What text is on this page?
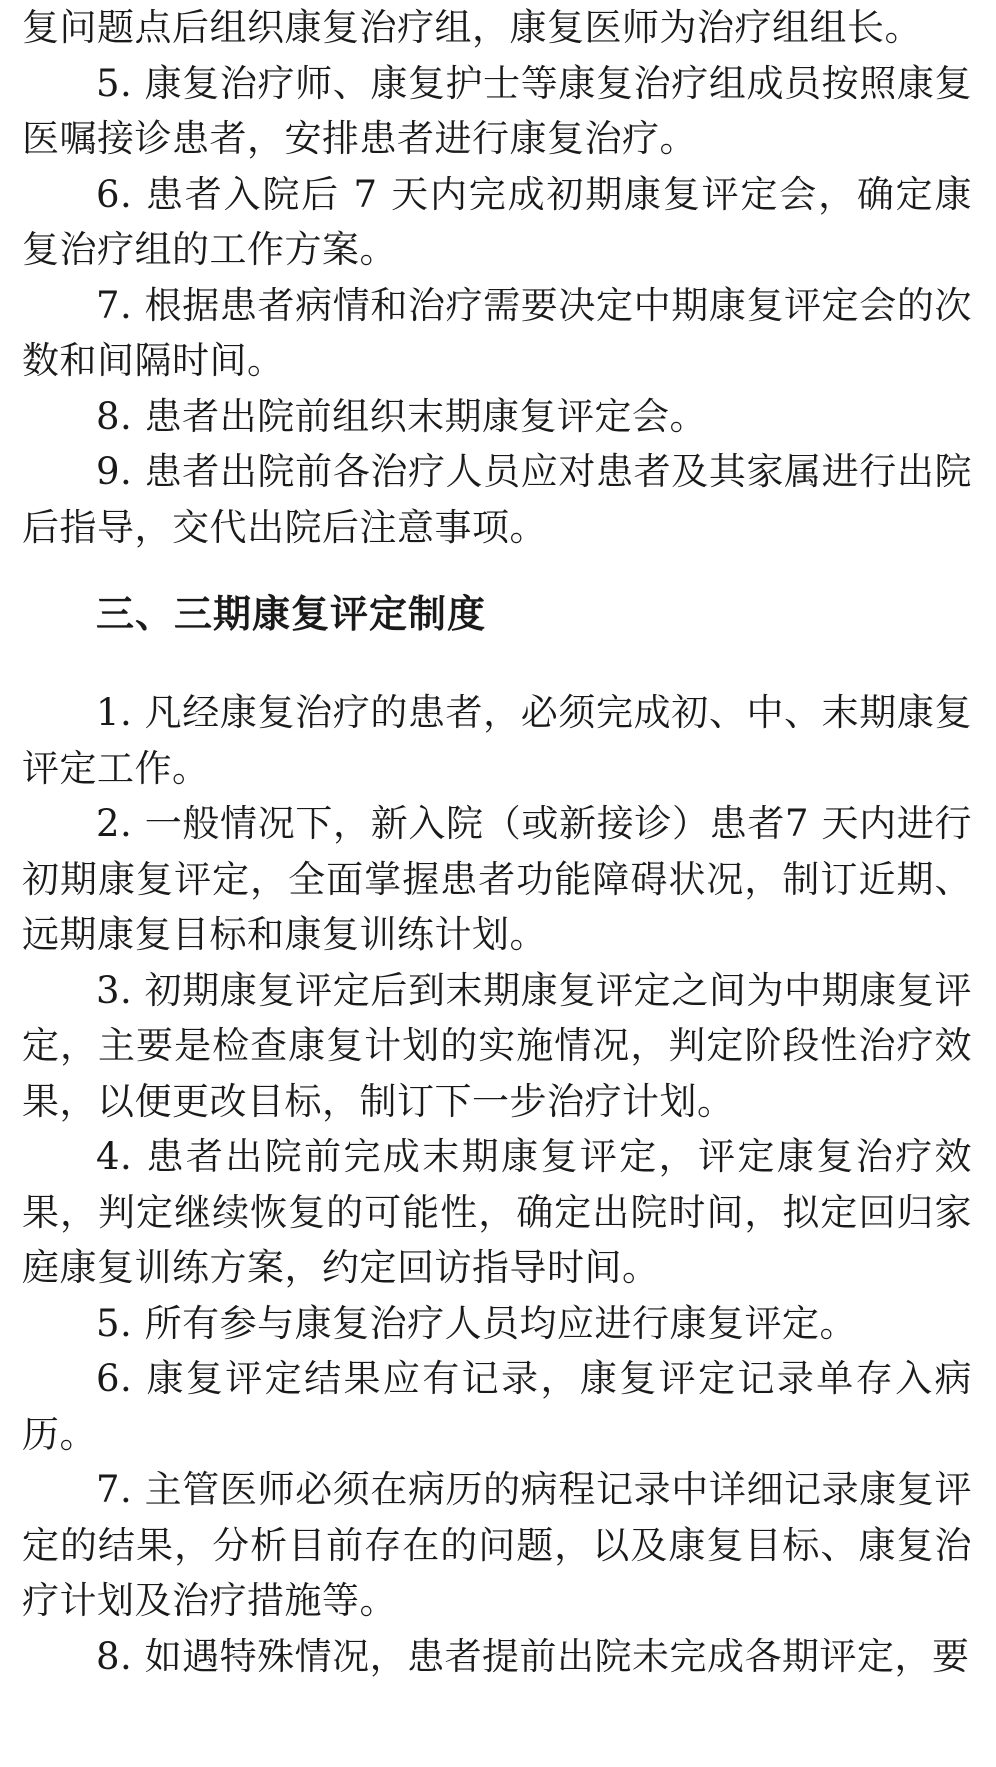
复问题点后组织康复治疗组，康复医师为治疗组组长。

5. 康复治疗师、康复护士等康复治疗组成员按照康复医嘱接诊患者，安排患者进行康复治疗。

6. 患者入院后 7 天内完成初期康复评定会，确定康复治疗组的工作方案。

7. 根据患者病情和治疗需要决定中期康复评定会的次数和间隔时间。

8. 患者出院前组织末期康复评定会。

9. 患者出院前各治疗人员应对患者及其家属进行出院后指导，交代出院后注意事项。

三、三期康复评定制度

1. 凡经康复治疗的患者，必须完成初、中、末期康复评定工作。

2. 一般情况下，新入院（或新接诊）患者7 天内进行初期康复评定，全面掌握患者功能障碍状况，制订近期、远期康复目标和康复训练计划。

3. 初期康复评定后到末期康复评定之间为中期康复评定，主要是检查康复计划的实施情况，判定阶段性治疗效果，以便更改目标，制订下一步治疗计划。

4. 患者出院前完成末期康复评定，评定康复治疗效果，判定继续恢复的可能性，确定出院时间，拟定回归家庭康复训练方案，约定回访指导时间。

5. 所有参与康复治疗人员均应进行康复评定。

6. 康复评定结果应有记录，康复评定记录单存入病历。

7. 主管医师必须在病历的病程记录中详细记录康复评定的结果，分析目前存在的问题，以及康复目标、康复治疗计划及治疗措施等。

8. 如遇特殊情况，患者提前出院未完成各期评定，要
